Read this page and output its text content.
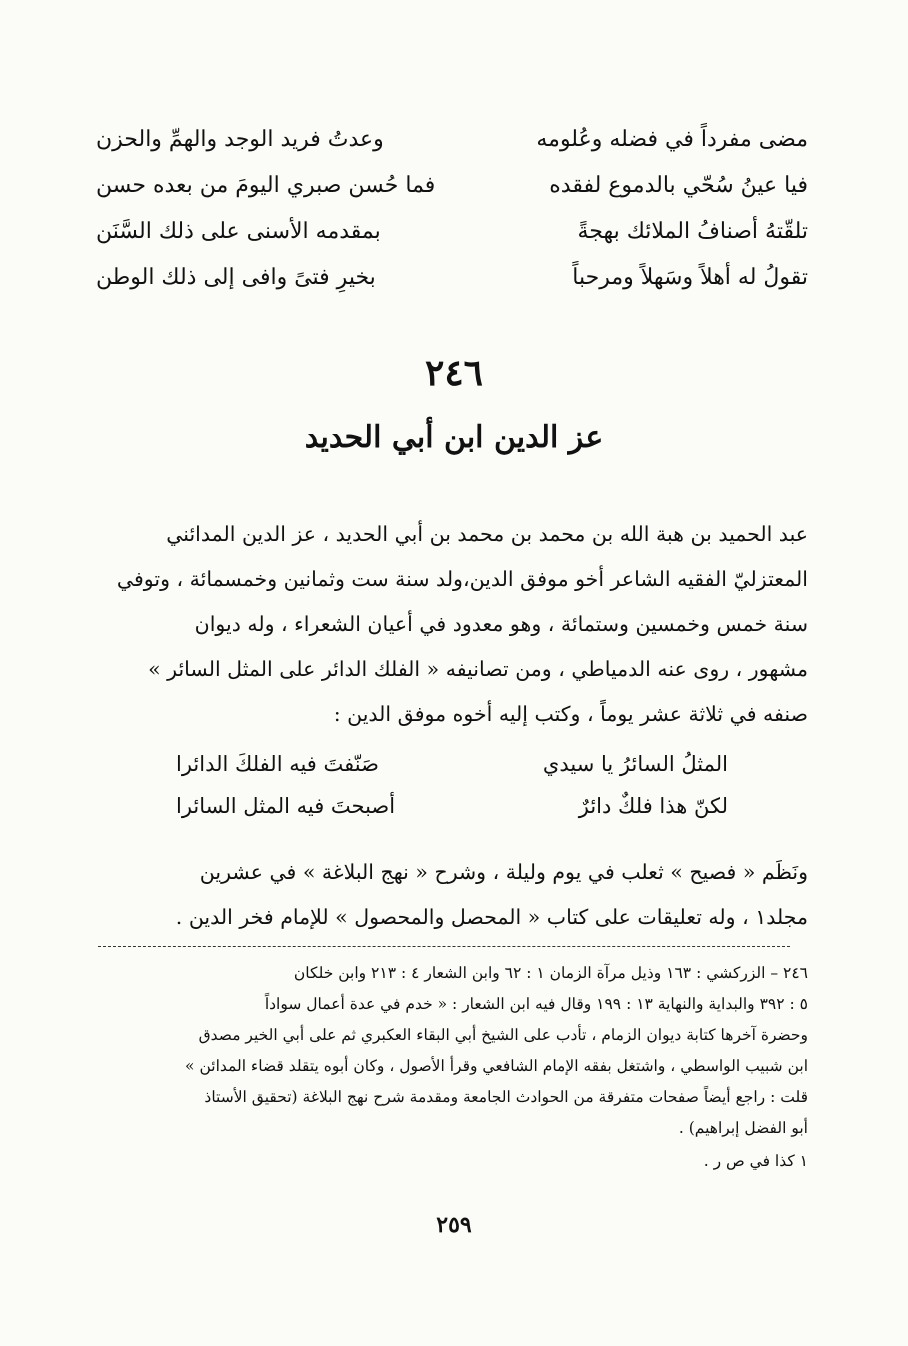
مضى مفرداً في فضله وعُلومه
وعدتُ فريد الوجد والهمِّ والحزن
فيا عينُ سُحّي بالدموع لفقده
فما حُسن صبري اليومَ من بعده حسن
تلقّتهُ أصنافُ الملائك بهجةً
بمقدمه الأسنى على ذلك السَّنَن
تقولُ له أهلاً وسَهلاً ومرحباً
بخيرِ فتىً وافى إلى ذلك الوطن
٢٤٦
عز الدين ابن أبي الحديد
عبد الحميد بن هبة الله بن محمد بن محمد بن أبي الحديد ، عز الدين المدائني
المعتزليّ الفقيه الشاعر أخو موفق الدين،ولد سنة ست وثمانين وخمسمائة ، وتوفي
سنة خمس وخمسين وستمائة ، وهو معدود في أعيان الشعراء ، وله ديوان
مشهور ، روى عنه الدمياطي ، ومن تصانيفه « الفلك الدائر على المثل السائر »
صنفه في ثلاثة عشر يوماً ، وكتب إليه أخوه موفق الدين :
المثلُ السائرُ يا سيدي
صَنّفتَ فيه الفلكَ الدائرا
لكنّ هذا فلكٌ دائرٌ
أصبحتَ فيه المثل السائرا
ونَظَم « فصيح » ثعلب في يوم وليلة ، وشرح « نهج البلاغة » في عشرين
مجلد١ ، وله تعليقات على كتاب « المحصل والمحصول » للإمام فخر الدين .
٢٤٦ – الزركشي : ١٦٣ وذيل مرآة الزمان ١ : ٦٢ وابن الشعار ٤ : ٢١٣ وابن خلكان
٥ : ٣٩٢ والبداية والنهاية ١٣ : ١٩٩ وقال فيه ابن الشعار : « خدم في عدة أعمال سواداً
وحضرة آخرها كتابة ديوان الزمام ، تأدب على الشيخ أبي البقاء العكبري ثم على أبي الخير مصدق
ابن شبيب الواسطي ، واشتغل بفقه الإمام الشافعي وقرأ الأصول ، وكان أبوه يتقلد قضاء المدائن »
قلت : راجع أيضاً صفحات متفرقة من الحوادث الجامعة ومقدمة شرح نهج البلاغة (تحقيق الأستاذ
أبو الفضل إبراهيم) .
١ كذا في ص ر .
٢٥٩
